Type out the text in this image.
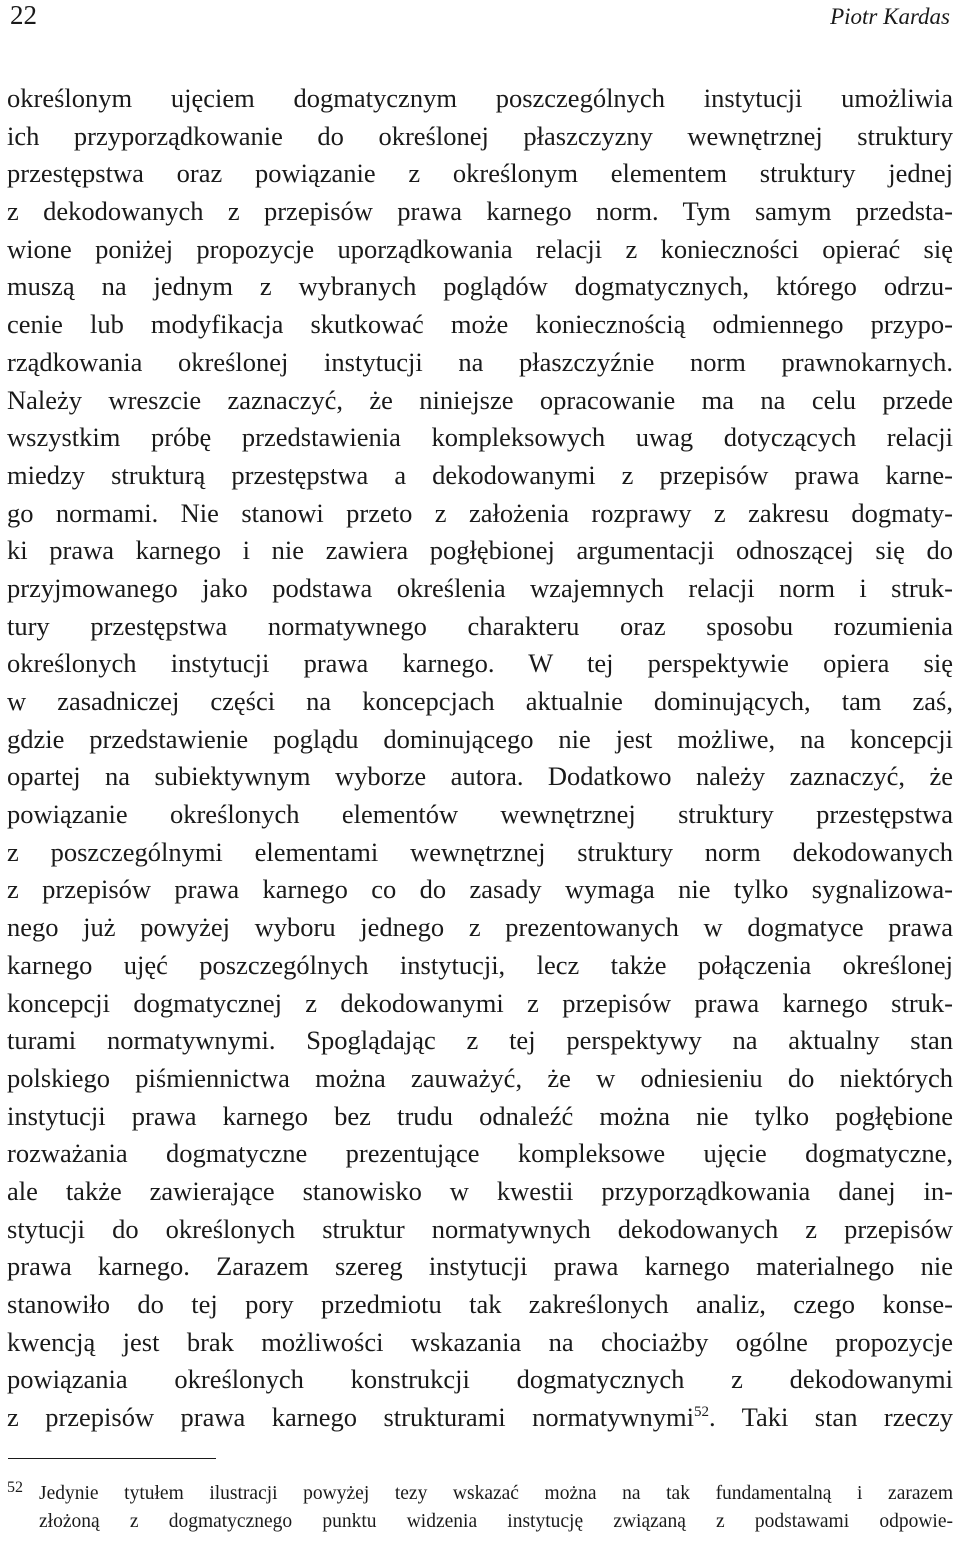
22	Piotr Kardas
określonym ujęciem dogmatycznym poszczególnych instytucji umożliwia
ich przyporządkowanie do określonej płaszczyzny wewnętrznej struktury
przestępstwa oraz powiązanie z określonym elementem struktury jednej
z dekodowanych z przepisów prawa karnego norm. Tym samym przedsta-
wione poniżej propozycje uporządkowania relacji z konieczności opierać się
muszą na jednym z wybranych poglądów dogmatycznych, którego odrzu-
cenie lub modyfikacja skutkować może koniecznością odmiennego przypo-
rządkowania określonej instytucji na płaszczyźnie norm prawnokarnych.
Należy wreszcie zaznaczyć, że niniejsze opracowanie ma na celu przede
wszystkim próbę przedstawienia kompleksowych uwag dotyczących relacji
miedzy strukturą przestępstwa a dekodowanymi z przepisów prawa karne-
go normami. Nie stanowi przeto z założenia rozprawy z zakresu dogmaty-
ki prawa karnego i nie zawiera pogłębionej argumentacji odnoszącej się do
przyjmowanego jako podstawa określenia wzajemnych relacji norm i struk-
tury przestępstwa normatywnego charakteru oraz sposobu rozumienia
określonych instytucji prawa karnego. W tej perspektywie opiera się
w zasadniczej części na koncepcjach aktualnie dominujących, tam zaś,
gdzie przedstawienie poglądu dominującego nie jest możliwe, na koncepcji
opartej na subiektywnym wyborze autora. Dodatkowo należy zaznaczyć, że
powiązanie określonych elementów wewnętrznej struktury przestępstwa
z poszczególnymi elementami wewnętrznej struktury norm dekodowanych
z przepisów prawa karnego co do zasady wymaga nie tylko sygnalizowa-
nego już powyżej wyboru jednego z prezentowanych w dogmatyce prawa
karnego ujęć poszczególnych instytucji, lecz także połączenia określonej
koncepcji dogmatycznej z dekodowanymi z przepisów prawa karnego struk-
turami normatywnymi. Spoglądając z tej perspektywy na aktualny stan
polskiego piśmiennictwa można zauważyć, że w odniesieniu do niektórych
instytucji prawa karnego bez trudu odnaleźć można nie tylko pogłębione
rozważania dogmatyczne prezentujące kompleksowe ujęcie dogmatyczne,
ale także zawierające stanowisko w kwestii przyporządkowania danej in-
stytucji do określonych struktur normatywnych dekodowanych z przepisów
prawa karnego. Zarazem szereg instytucji prawa karnego materialnego nie
stanowiło do tej pory przedmiotu tak zakreślonych analiz, czego konse-
kwencją jest brak możliwości wskazania na chociażby ogólne propozycje
powiązania określonych konstrukcji dogmatycznych z dekodowanymi
z przepisów prawa karnego strukturami normatywnymi$^{52}$. Taki stan rzeczy
52 Jedynie tytułem ilustracji powyżej tezy wskazać można na tak fundamentalną i zarazem
złożoną z dogmatycznego punktu widzenia instytucję związaną z podstawami odpowie-
